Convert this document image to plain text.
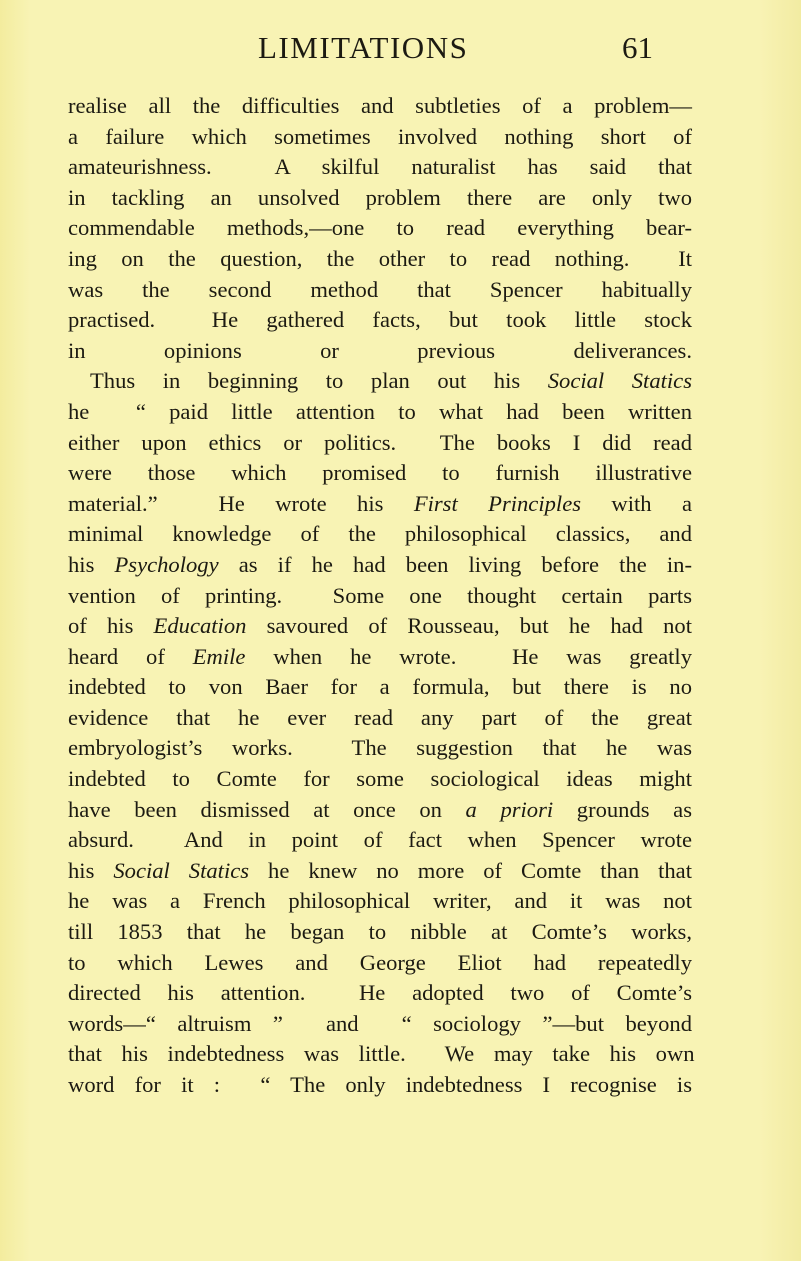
LIMITATIONS	61
realise all the difficulties and subtleties of a problem—
a failure which sometimes involved nothing short of
amateurishness.  A skilful naturalist has said that
in tackling an unsolved problem there are only two
commendable methods,—one to read everything bear-
ing on the question, the other to read nothing.  It
was the second method that Spencer habitually
practised.  He gathered facts, but took little stock
in opinions or previous deliverances.
Thus in beginning to plan out his Social Statics
he  “ paid little attention to what had been written
either upon ethics or politics.  The books I did read
were those which promised to furnish illustrative
material.”  He wrote his First Principles with a
minimal knowledge of the philosophical classics, and
his Psychology as if he had been living before the in-
vention of printing.  Some one thought certain parts
of his Education savoured of Rousseau, but he had not
heard of Emile when he wrote.  He was greatly
indebted to von Baer for a formula, but there is no
evidence that he ever read any part of the great
embryologist’s works.  The suggestion that he was
indebted to Comte for some sociological ideas might
have been dismissed at once on a priori grounds as
absurd.  And in point of fact when Spencer wrote
his Social Statics he knew no more of Comte than that
he was a French philosophical writer, and it was not
till 1853 that he began to nibble at Comte’s works,
to which Lewes and George Eliot had repeatedly
directed his attention.  He adopted two of Comte’s
words—“ altruism ”  and  “ sociology ”—but beyond
that his indebtedness was little.  We may take his own
word for it :  “ The only indebtedness I recognise is
